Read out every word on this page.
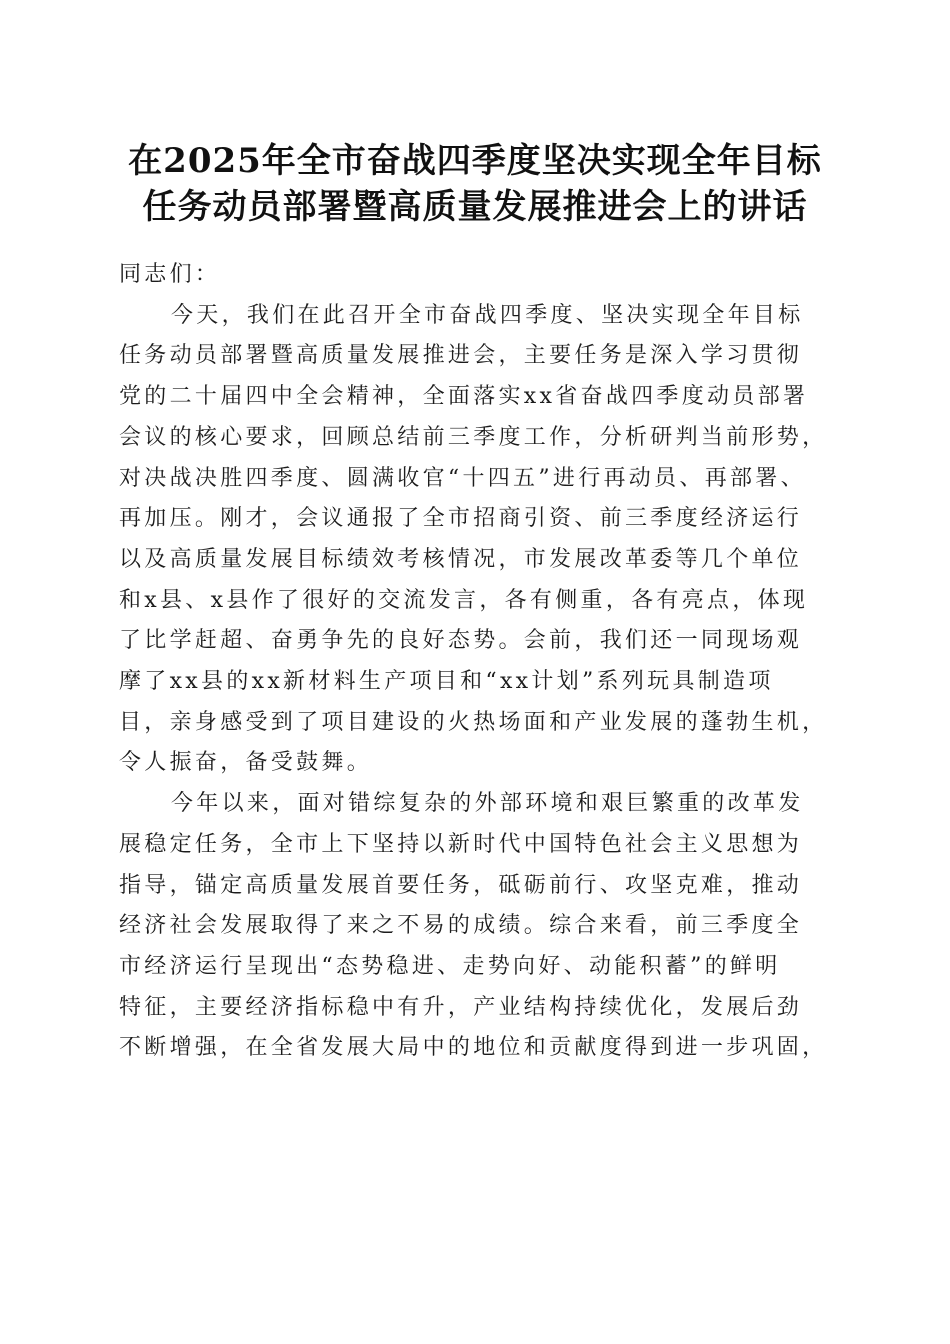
在2025年全市奋战四季度坚决实现全年目标
任务动员部署暨高质量发展推进会上的讲话

同志们：

今天，我们在此召开全市奋战四季度、坚决实现全年目标
任务动员部署暨高质量发展推进会，主要任务是深入学习贯彻
党的二十届四中全会精神，全面落实xx省奋战四季度动员部署
会议的核心要求，回顾总结前三季度工作，分析研判当前形势，
对决战决胜四季度、圆满收官“十四五”进行再动员、再部署、
再加压。刚才，会议通报了全市招商引资、前三季度经济运行
以及高质量发展目标绩效考核情况，市发展改革委等几个单位
和x县、x县作了很好的交流发言，各有侧重，各有亮点，体现
了比学赶超、奋勇争先的良好态势。会前，我们还一同现场观
摩了xx县的xx新材料生产项目和“xx计划”系列玩具制造项
目，亲身感受到了项目建设的火热场面和产业发展的蓬勃生机，
令人振奋，备受鼓舞。
今年以来，面对错综复杂的外部环境和艰巨繁重的改革发
展稳定任务，全市上下坚持以新时代中国特色社会主义思想为
指导，锚定高质量发展首要任务，砥砺前行、攻坚克难，推动
经济社会发展取得了来之不易的成绩。综合来看，前三季度全
市经济运行呈现出“态势稳进、走势向好、动能积蓄”的鲜明
特征，主要经济指标稳中有升，产业结构持续优化，发展后劲
不断增强，在全省发展大局中的地位和贡献度得到进一步巩固，
